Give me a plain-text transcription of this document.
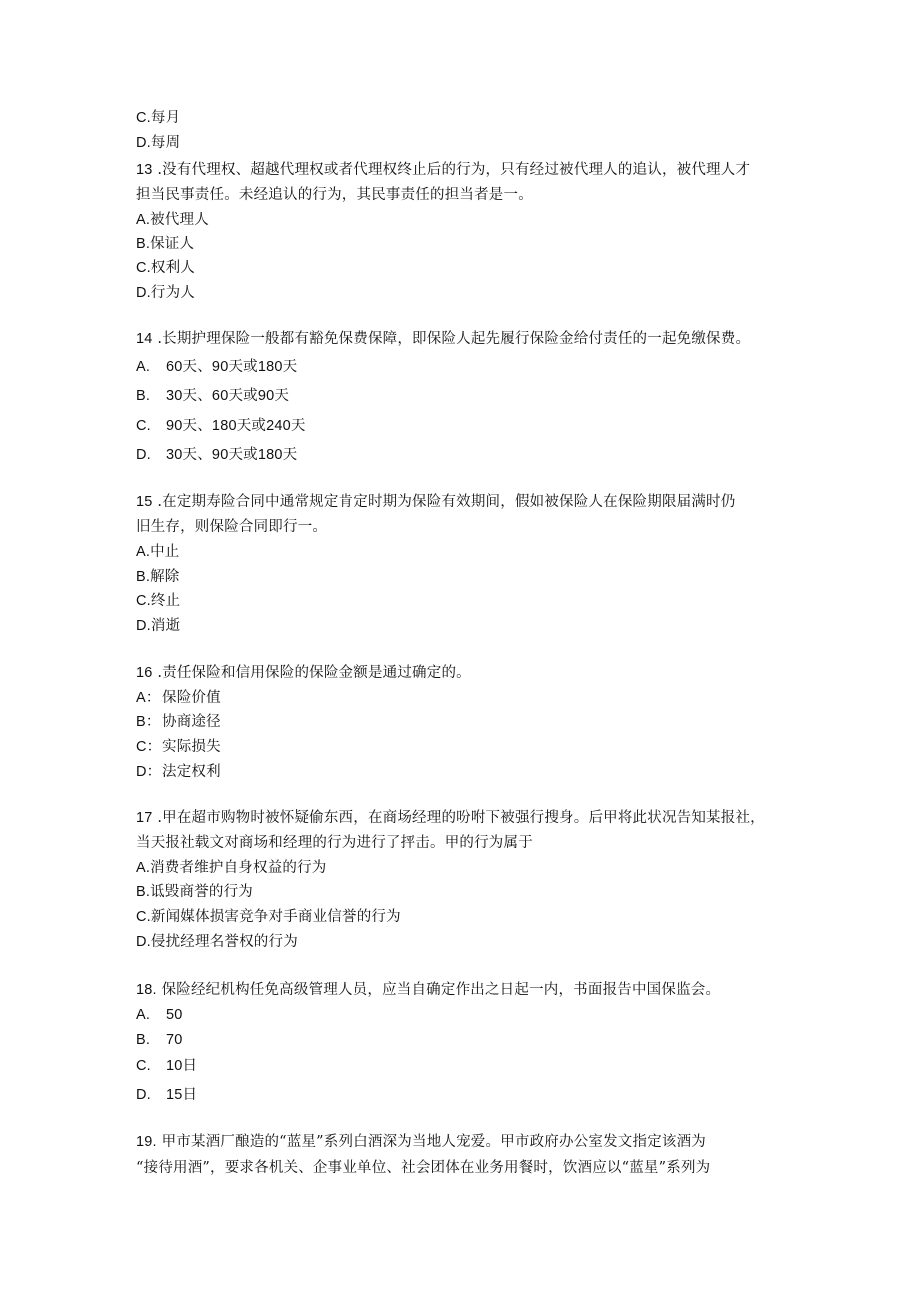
C.每月
D.每周
13 .没有代理权、超越代理权或者代理权终止后的行为，只有经过被代理人的追认，被代理人才
担当民事责任。未经追认的行为，其民事责任的担当者是一。
A.被代理人
B.保证人
C.权利人
D.行为人
14 .长期护理保险一般都有豁免保费保障，即保险人起先履行保险金给付责任的一起免缴保费。
A. 60天、90天或180天
B. 30天、60天或90天
C. 90天、180天或240天
D. 30天、90天或180天
15 .在定期寿险合同中通常规定肯定时期为保险有效期间，假如被保险人在保险期限届满时仍
旧生存，则保险合同即行一。
A.中止
B.解除
C.终止
D.消逝
16 .责任保险和信用保险的保险金额是通过确定的。
A：保险价值
B：协商途径
C：实际损失
D：法定权利
17 .甲在超市购物时被怀疑偷东西，在商场经理的吩咐下被强行搜身。后甲将此状况告知某报社，
当天报社载文对商场和经理的行为进行了抨击。甲的行为属于
A.消费者维护自身权益的行为
B.诋毁商誉的行为
C.新闻媒体损害竞争对手商业信誉的行为
D.侵扰经理名誉权的行为
18. 保险经纪机构任免高级管理人员，应当自确定作出之日起一内，书面报告中国保监会。
A. 50
B. 70
C. 10日
D. 15日
19. 甲市某酒厂酿造的“蓝星”系列白酒深为当地人宠爱。甲市政府办公室发文指定该酒为
“接待用酒”，要求各机关、企事业单位、社会团体在业务用餐时，饮酒应以“蓝星”系列为
